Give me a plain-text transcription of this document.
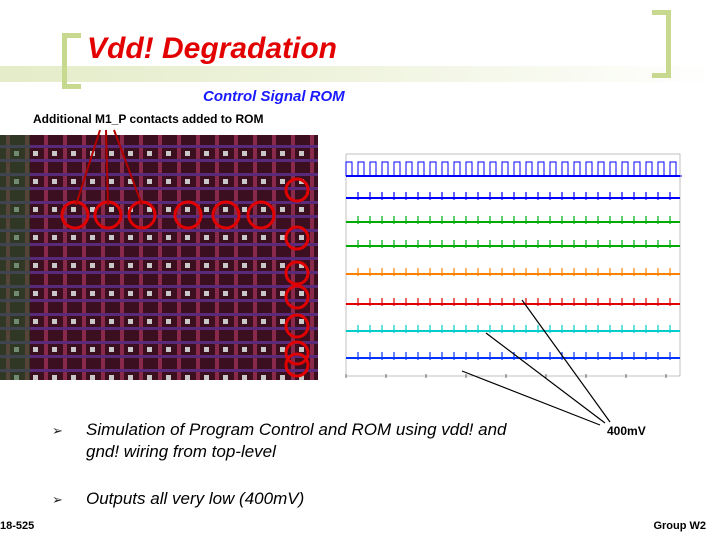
Vdd! Degradation
Control Signal ROM
Additional M1_P contacts added to ROM
➢ Simulation of Program Control and ROM using vdd! and gnd! wiring from top-level
➢ Outputs all very low (400mV)
400mV
18-525	Group W2
